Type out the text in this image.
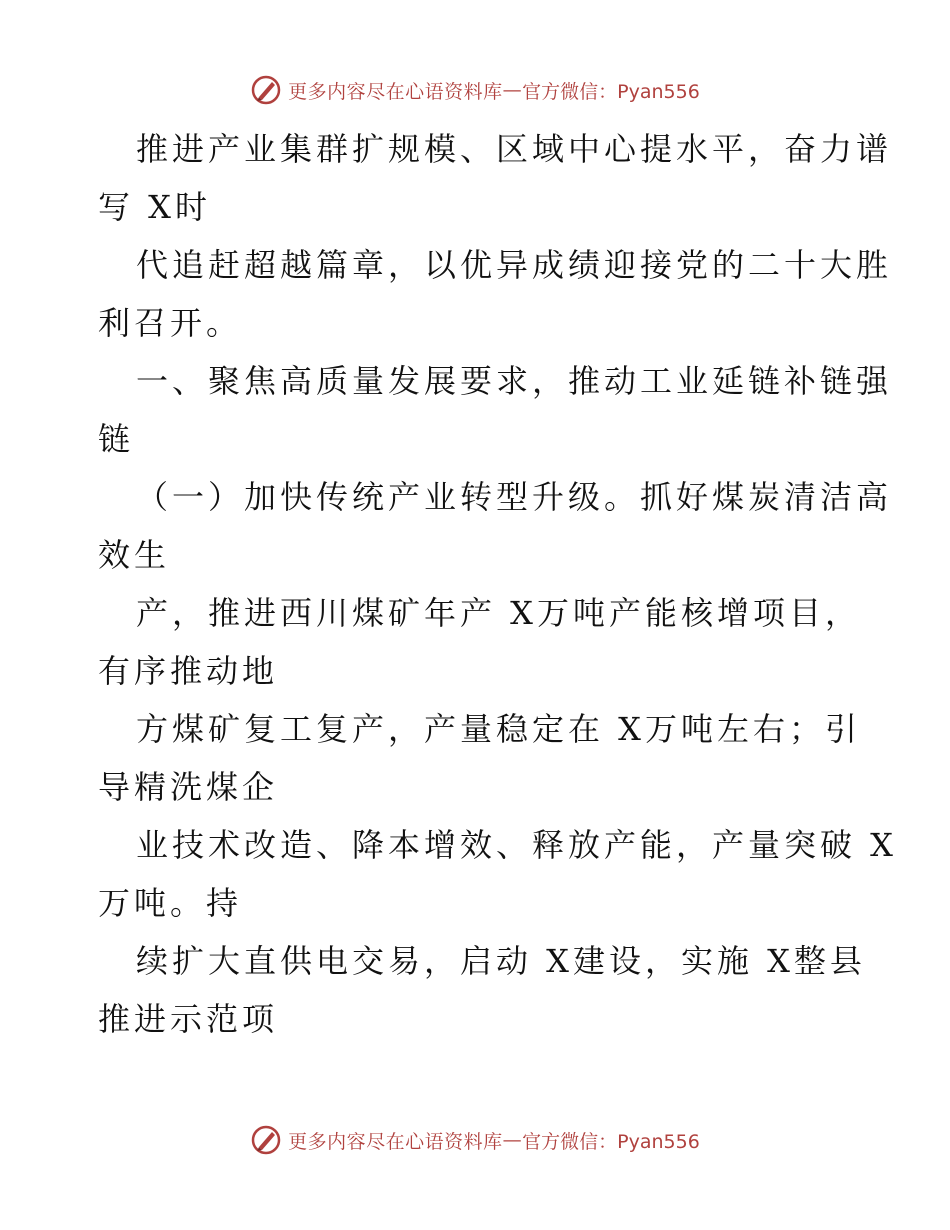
更多内容尽在心语资料库 — 官方微信：Pyan556
推进产业集群扩规模、区域中心提水平，奋力谱
写 X时
代追赶超越篇章，以优异成绩迎接党的二十大胜
利召开。
一、聚焦高质量发展要求，推动工业延链补链强
链
（一）加快传统产业转型升级。抓好煤炭清洁高
效生
产，推进西川煤矿年产 X万吨产能核增项目，
有序推动地
方煤矿复工复产，产量稳定在 X万吨左右；引
导精洗煤企
业技术改造、降本增效、释放产能，产量突破 X
万吨。持
续扩大直供电交易，启动 X建设，实施 X整县
推进示范项
更多内容尽在心语资料库 — 官方微信：Pyan556
